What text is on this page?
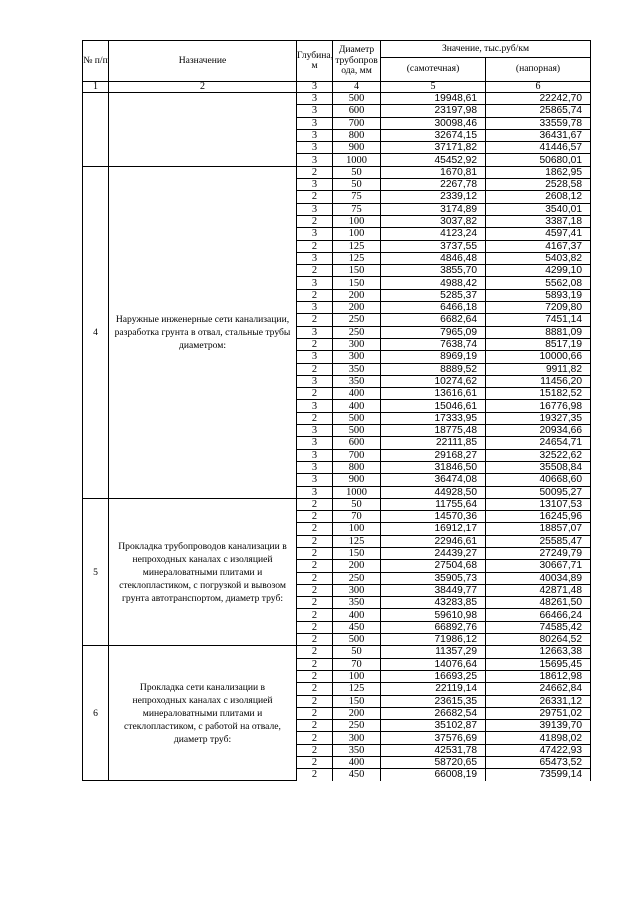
№ п/п	Назначение	Глубина, м	Диаметр трубопров ода, мм	Значение, тыс.руб/км	
				(самотечная)	(напорная)
1	2	3	4	5	6
		3	500	19948,61	22242,70
		3	600	23197,98	25865,74
		3	700	30098,46	33559,78
		3	800	32674,15	36431,67
		3	900	37171,82	41446,57
		3	1000	45452,92	50680,01
4	Наружные инженерные сети канализации, разработка грунта в отвал, стальные трубы диаметром:	2	50	1670,81	1862,95
		3	50	2267,78	2528,58
		2	75	2339,12	2608,12
		3	75	3174,89	3540,01
		2	100	3037,82	3387,18
		3	100	4123,24	4597,41
		2	125	3737,55	4167,37
		3	125	4846,48	5403,82
		2	150	3855,70	4299,10
		3	150	4988,42	5562,08
		2	200	5285,37	5893,19
		3	200	6466,18	7209,80
		2	250	6682,64	7451,14
		3	250	7965,09	8881,09
		2	300	7638,74	8517,19
		3	300	8969,19	10000,66
		2	350	8889,52	9911,82
		3	350	10274,62	11456,20
		2	400	13616,61	15182,52
		3	400	15046,61	16776,98
		2	500	17333,95	19327,35
		3	500	18775,48	20934,66
		3	600	22111,85	24654,71
		3	700	29168,27	32522,62
		3	800	31846,50	35508,84
		3	900	36474,08	40668,60
		3	1000	44928,50	50095,27
5	Прокладка трубопроводов канализации в непроходных каналах с изоляцией минераловатными плитами и стеклопластиком, с погрузкой и вывозом грунта автотранспортом, диаметр труб:	2	50	11755,64	13107,53
		2	70	14570,36	16245,96
		2	100	16912,17	18857,07
		2	125	22946,61	25585,47
		2	150	24439,27	27249,79
		2	200	27504,68	30667,71
		2	250	35905,73	40034,89
		2	300	38449,77	42871,48
		2	350	43283,85	48261,50
		2	400	59610,98	66466,24
		2	450	66892,76	74585,42
		2	500	71986,12	80264,52
6	Прокладка сети канализации в непроходных каналах с изоляцией минераловатными плитами и стеклопластиком, с работой на отвале, диаметр труб:	2	50	11357,29	12663,38
		2	70	14076,64	15695,45
		2	100	16693,25	18612,98
		2	125	22119,14	24662,84
		2	150	23615,35	26331,12
		2	200	26682,54	29751,02
		2	250	35102,87	39139,70
		2	300	37576,69	41898,02
		2	350	42531,78	47422,93
		2	400	58720,65	65473,52
		2	450	66008,19	73599,14
